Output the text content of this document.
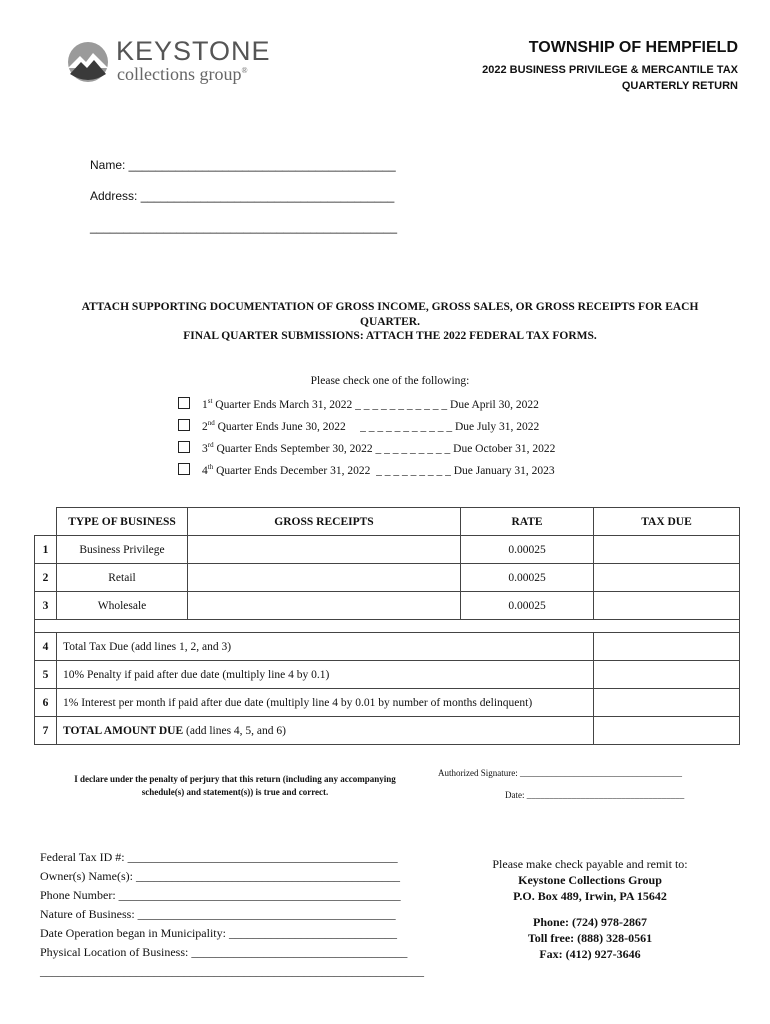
KEYSTONE
collections group®
TOWNSHIP OF HEMPFIELD
2022 BUSINESS PRIVILEGE & MERCANTILE TAX
QUARTERLY RETURN
Name: ________________________________________
Address: ______________________________________
______________________________________________
ATTACH SUPPORTING DOCUMENTATION OF GROSS INCOME, GROSS SALES, OR GROSS RECEIPTS FOR EACH
QUARTER.
FINAL QUARTER SUBMISSIONS: ATTACH THE 2022 FEDERAL TAX FORMS.
Please check one of the following:
1st Quarter Ends March 31, 2022 _ _ _ _ _ _ _ _ _ _ _ Due April 30, 2022
2nd Quarter Ends June 30, 2022     _ _ _ _ _ _ _ _ _ _ _ Due July 31, 2022
3rd Quarter Ends September 30, 2022 _ _ _ _ _ _ _ _ _ Due October 31, 2022
4th Quarter Ends December 31, 2022  _ _ _ _ _ _ _ _ _ Due January 31, 2023
	TYPE OF BUSINESS	GROSS RECEIPTS	RATE	TAX DUE
1	Business Privilege		0.00025	
2	Retail		0.00025	
3	Wholesale		0.00025	

4	Total Tax Due (add lines 1, 2, and 3)			
5	10% Penalty if paid after due date (multiply line 4 by 0.1)			
6	1% Interest per month if paid after due date (multiply line 4 by 0.01 by number of months delinquent)			
7	TOTAL AMOUNT DUE (add lines 4, 5, and 6)			
I declare under the penalty of perjury that this return (including any accompanying
schedule(s) and statement(s)) is true and correct.
Authorized Signature: ____________________________________
Date: ___________________________________
Federal Tax ID #: _____________________________________________
Owner(s) Name(s): ____________________________________________
Phone Number: _______________________________________________
Nature of Business: ___________________________________________
Date Operation began in Municipality: ____________________________
Physical Location of Business: ____________________________________
________________________________________________________________
Please make check payable and remit to:
Keystone Collections Group
P.O. Box 489, Irwin, PA 15642
Phone: (724) 978-2867
Toll free: (888) 328-0561
Fax: (412) 927-3646
